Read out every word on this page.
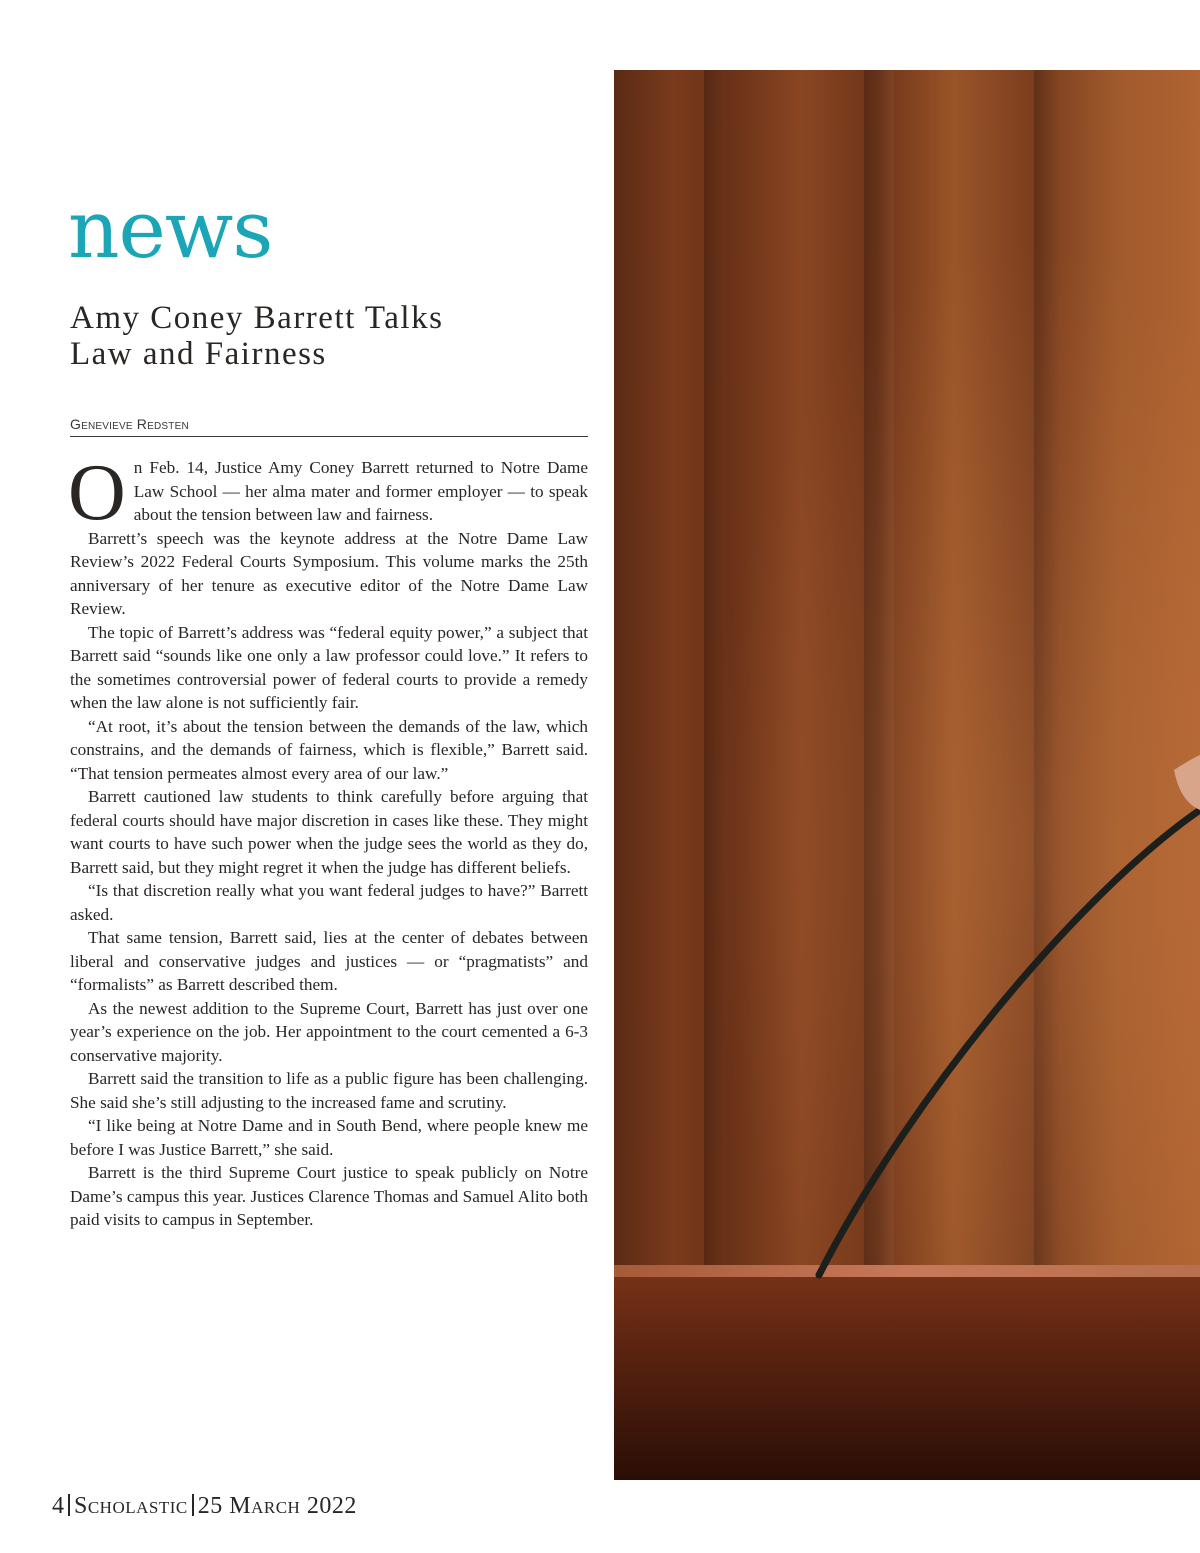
news
Amy Coney Barrett Talks
Law and Fairness
Genevieve Redsten

On Feb. 14, Justice Amy Coney Barrett returned to Notre Dame Law School — her alma mater and former employer — to speak about the tension between law and fairness.

Barrett’s speech was the keynote address at the Notre Dame Law Review’s 2022 Federal Courts Symposium. This volume marks the 25th anniversary of her tenure as executive editor of the Notre Dame Law Review.

The topic of Barrett’s address was “federal equity power,” a subject that Barrett said “sounds like one only a law professor could love.” It refers to the sometimes controversial power of federal courts to provide a remedy when the law alone is not sufficiently fair.

“At root, it’s about the tension between the demands of the law, which constrains, and the demands of fairness, which is flexible,” Barrett said. “That tension permeates almost every area of our law.”

Barrett cautioned law students to think carefully before arguing that federal courts should have major discretion in cases like these. They might want courts to have such power when the judge sees the world as they do, Barrett said, but they might regret it when the judge has different beliefs.

“Is that discretion really what you want federal judges to have?” Barrett asked.

That same tension, Barrett said, lies at the center of debates between liberal and conservative judges and justices — or “pragmatists” and “formalists” as Barrett described them.

As the newest addition to the Supreme Court, Barrett has just over one year’s experience on the job. Her appointment to the court cemented a 6-3 conservative majority.

Barrett said the transition to life as a public figure has been challenging. She said she’s still adjusting to the increased fame and scrutiny.

“I like being at Notre Dame and in South Bend, where people knew me before I was Justice Barrett,” she said.

Barrett is the third Supreme Court justice to speak publicly on Notre Dame’s campus this year. Justices Clarence Thomas and Samuel Alito both paid visits to campus in September.

4 Scholastic 25 March 2022
